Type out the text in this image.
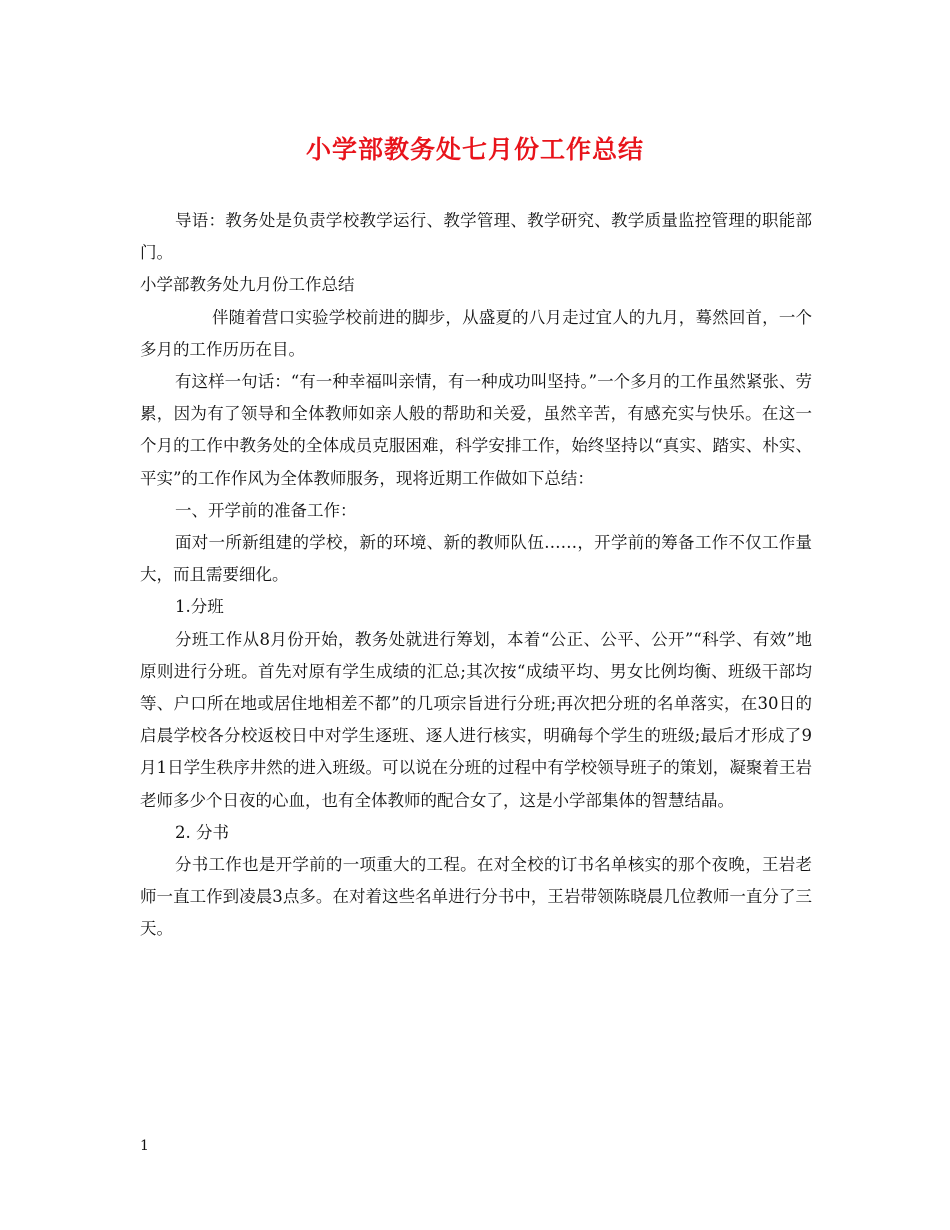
小学部教务处七月份工作总结

导语：教务处是负责学校教学运行、教学管理、教学研究、教学质量监控管理的职能部门。

小学部教务处九月份工作总结

伴随着营口实验学校前进的脚步，从盛夏的八月走过宜人的九月，蓦然回首，一个多月的工作历历在目。

有这样一句话：“有一种幸福叫亲情，有一种成功叫坚持。”一个多月的工作虽然紧张、劳累，因为有了领导和全体教师如亲人般的帮助和关爱，虽然辛苦，有感充实与快乐。在这一个月的工作中教务处的全体成员克服困难，科学安排工作，始终坚持以“真实、踏实、朴实、平实”的工作作风为全体教师服务，现将近期工作做如下总结：

一、开学前的准备工作：

面对一所新组建的学校，新的环境、新的教师队伍……，开学前的筹备工作不仅工作量大，而且需要细化。

1.分班

分班工作从8月份开始，教务处就进行筹划，本着“公正、公平、公开”“科学、有效”地原则进行分班。首先对原有学生成绩的汇总;其次按“成绩平均、男女比例均衡、班级干部均等、户口所在地或居住地相差不都”的几项宗旨进行分班;再次把分班的名单落实，在30日的启晨学校各分校返校日中对学生逐班、逐人进行核实，明确每个学生的班级;最后才形成了9月1日学生秩序井然的进入班级。可以说在分班的过程中有学校领导班子的策划，凝聚着王岩老师多少个日夜的心血，也有全体教师的配合女了，这是小学部集体的智慧结晶。

2. 分书

分书工作也是开学前的一项重大的工程。在对全校的订书名单核实的那个夜晚，王岩老师一直工作到凌晨3点多。在对着这些名单进行分书中，王岩带领陈晓晨几位教师一直分了三天。

1
